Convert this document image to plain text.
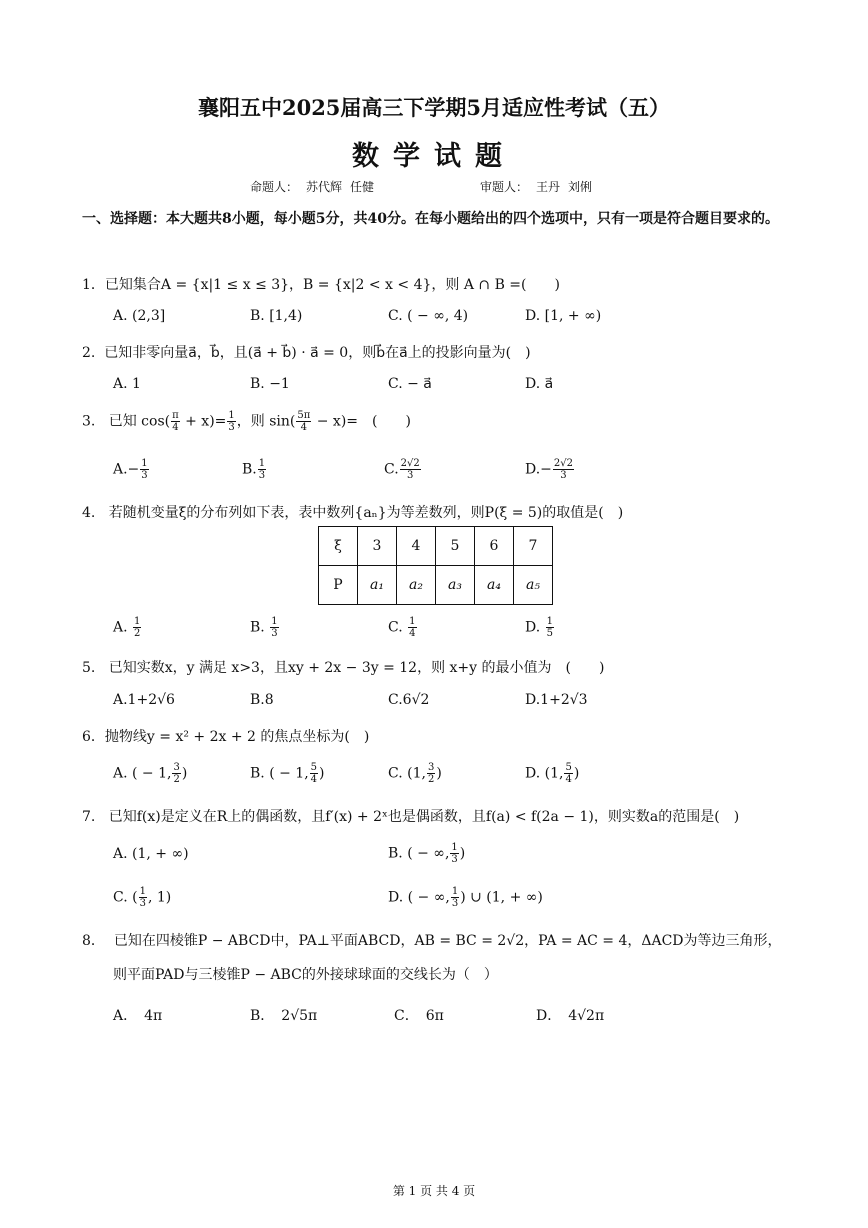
襄阳五中2025届高三下学期5月适应性考试（五）
数学试题
命题人： 苏代辉 任健	审题人： 王丹 刘俐
一、选择题：本大题共8小题，每小题5分，共40分。在每小题给出的四个选项中，只有一项是符合题目要求的。
1．已知集合A = {x|1 ≤ x ≤ 3}，B = {x|2 < x < 4}，则 A ∩ B =(　　)
A. (2,3]	B. [1,4)	C. ( − ∞, 4)	D. [1, + ∞)
2. 已知非零向量a⃗，b⃗，且(a⃗ + b⃗) · a⃗ = 0，则b⃗在a⃗上的投影向量为(　)
A. 1	B. −1	C. − a⃗	D. a⃗
3. 已知 $\cos( \frac{\pi}{4} + x)= \frac{1}{3}$ ，则 $\sin( \frac{5\pi}{4} - x)=$　(　　)
$A.- \frac{1}{3}$	B. $\frac{1}{3}$	C. $\frac{2√2}{3}$	$D.- \frac{2√2}{3}$
4. 若随机变量ξ的分布列如下表，表中数列{aₙ}为等差数列，则P(ξ = 5)的取值是(　)
ξ	3	4	5	6	7
P	a₁	a₂	a₃	a₄	a₅
A. $\frac{1}{2}$	B. $\frac{1}{3}$	C. $\frac{1}{4}$	D. $\frac{1}{5}$
5. 已知实数x，y 满足 x>3，且xy + 2x − 3y = 12，则 x+y 的最小值为　(　　)
A.1+2√6	B.8	C.6√2	D.1+2√3
6．抛物线y = x² + 2x + 2 的焦点坐标为(　)
A. ( − 1, $\frac{3}{2}$ )	B. ( − 1, $\frac{5}{4}$ )	C. (1, $\frac{3}{2}$ )	D. (1, $\frac{5}{4}$ )
7. 已知f(x)是定义在R上的偶函数，且f′(x) + 2ˣ也是偶函数，且f(a) < f(2a − 1)，则实数a的范围是(　)
A. (1, + ∞)	B. ( − ∞, $\frac{1}{3}$ )
C. ( $\frac{1}{3}$ , 1)	D. ( − ∞, $\frac{1}{3}$ ) ∪ (1, + ∞)
8． 已知在四棱锥P − ABCD中，PA⊥平面ABCD，AB = BC = 2√2，PA = AC = 4，ΔACD为等边三角形，
则平面PAD与三棱锥P − ABC的外接球球面的交线长为（　）
A．　4π	B．　2√5π	C．　6π	D．　4√2π
第 1 页 共 4 页
